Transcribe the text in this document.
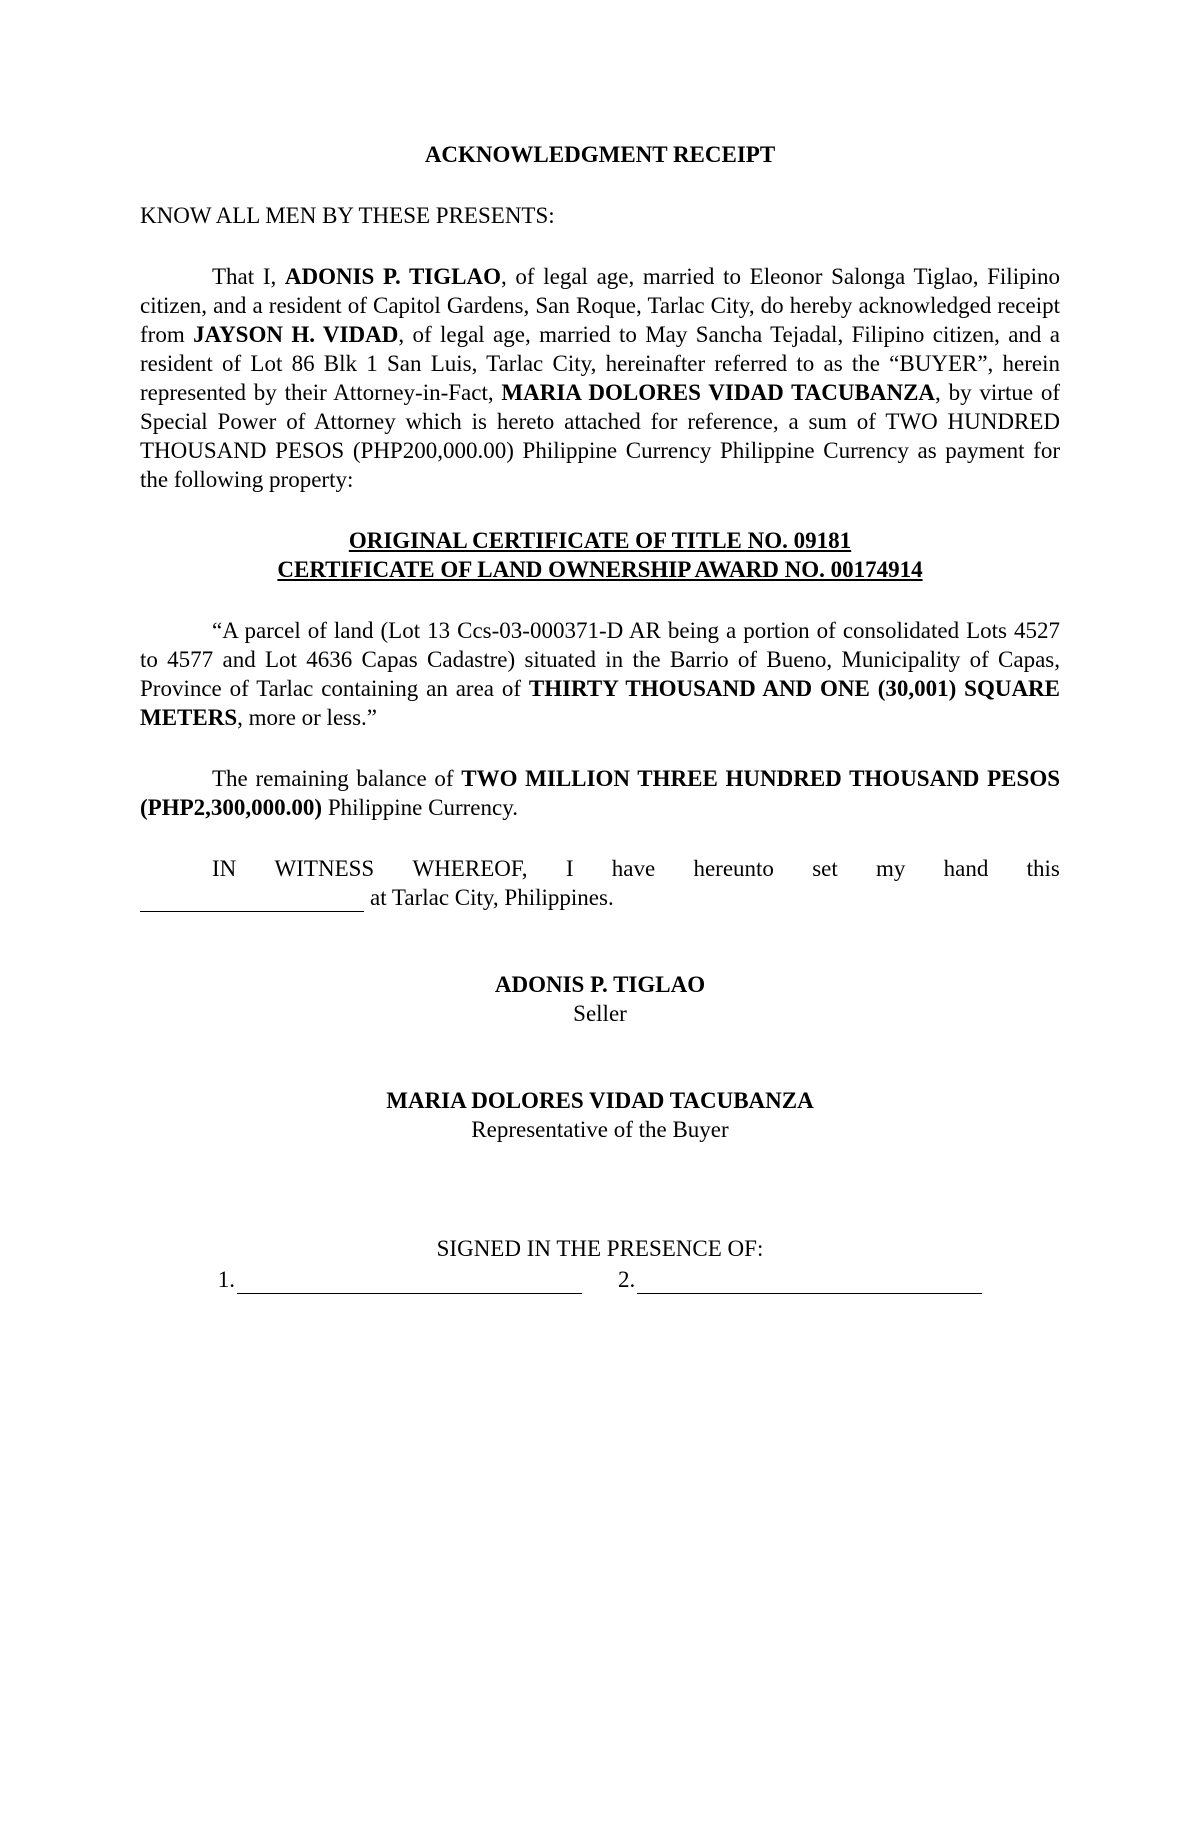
ACKNOWLEDGMENT RECEIPT

KNOW ALL MEN BY THESE PRESENTS:

That I, ADONIS P. TIGLAO, of legal age, married to Eleonor Salonga Tiglao, Filipino citizen, and a resident of Capitol Gardens, San Roque, Tarlac City, do hereby acknowledged receipt from JAYSON H. VIDAD, of legal age, married to May Sancha Tejadal, Filipino citizen, and a resident of Lot 86 Blk 1 San Luis, Tarlac City, hereinafter referred to as the “BUYER”, herein represented by their Attorney-in-Fact, MARIA DOLORES VIDAD TACUBANZA, by virtue of Special Power of Attorney which is hereto attached for reference, a sum of TWO HUNDRED THOUSAND PESOS (PHP200,000.00) Philippine Currency Philippine Currency as payment for the following property:

ORIGINAL CERTIFICATE OF TITLE NO. 09181

CERTIFICATE OF LAND OWNERSHIP AWARD NO. 00174914

“A parcel of land (Lot 13 Ccs-03-000371-D AR being a portion of consolidated Lots 4527 to 4577 and Lot 4636 Capas Cadastre) situated in the Barrio of Bueno, Municipality of Capas, Province of Tarlac containing an area of THIRTY THOUSAND AND ONE (30,001) SQUARE METERS, more or less.”

The remaining balance of TWO MILLION THREE HUNDRED THOUSAND PESOS (PHP2,300,000.00) Philippine Currency.

IN WITNESS WHEREOF, I have hereunto set my hand this
at Tarlac City, Philippines.

ADONIS P. TIGLAO

Seller

MARIA DOLORES VIDAD TACUBANZA

Representative of the Buyer

SIGNED IN THE PRESENCE OF:
1.	2.
